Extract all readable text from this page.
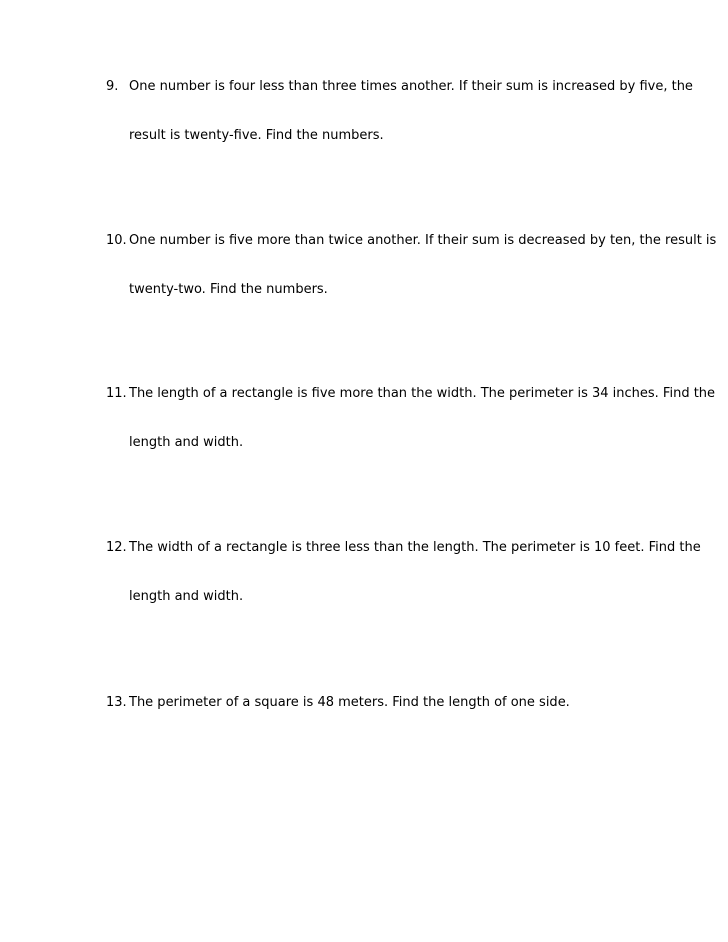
9. One number is four less than three times another. If their sum is increased by five, the
result is twenty-five. Find the numbers.
10. One number is five more than twice another. If their sum is decreased by ten, the result is
twenty-two. Find the numbers.
11. The length of a rectangle is five more than the width. The perimeter is 34 inches. Find the
length and width.
12. The width of a rectangle is three less than the length. The perimeter is 10 feet. Find the
length and width.
13. The perimeter of a square is 48 meters. Find the length of one side.
